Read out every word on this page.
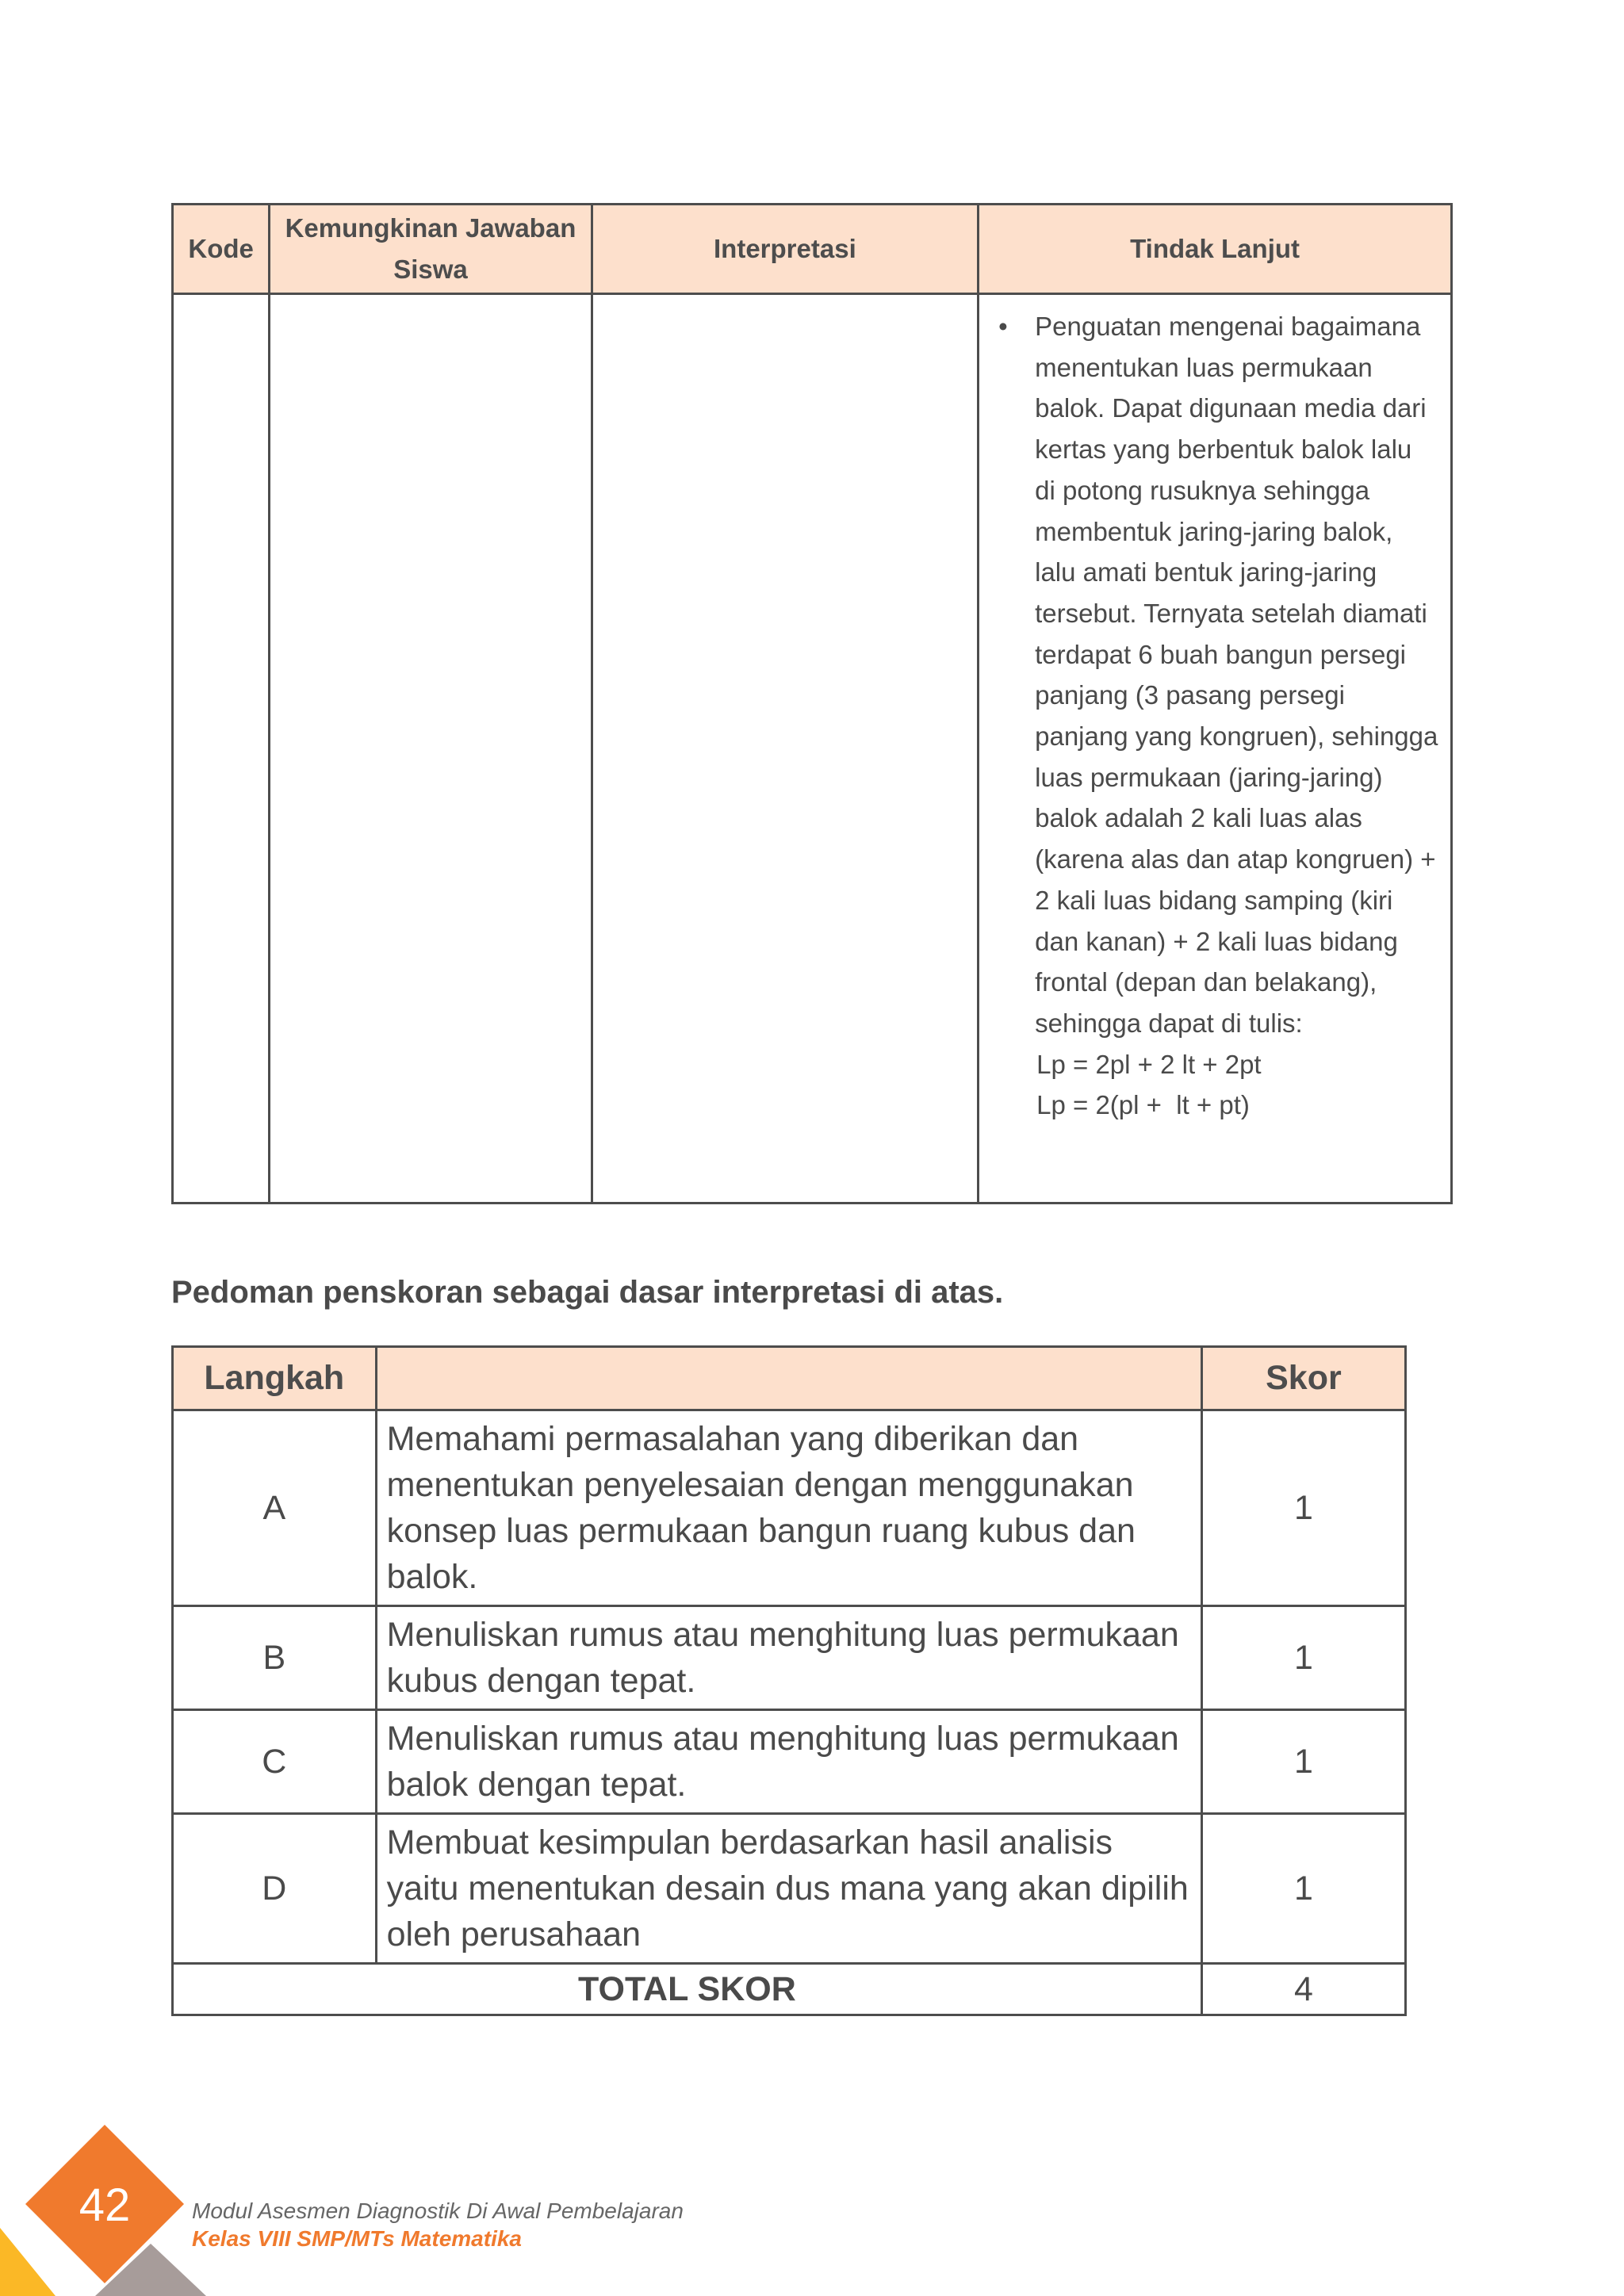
Kode	Kemungkinan Jawaban Siswa	Interpretasi	Tindak Lanjut

			• Penguatan mengenai bagaimana menentukan luas permukaan balok. Dapat digunaan media dari kertas yang berbentuk balok lalu di potong rusuknya sehingga membentuk jaring-jaring balok, lalu amati bentuk jaring-jaring tersebut. Ternyata setelah diamati terdapat 6 buah bangun persegi panjang (3 pasang persegi panjang yang kongruen), sehingga luas permukaan (jaring-jaring) balok adalah 2 kali luas alas (karena alas dan atap kongruen) + 2 kali luas bidang samping (kiri dan kanan) + 2 kali luas bidang frontal (depan dan belakang), sehingga dapat di tulis:
Lp = 2pl + 2 lt + 2pt
Lp = 2(pl +  lt + pt)
Pedoman penskoran sebagai dasar interpretasi di atas.
Langkah		Skor
A	Memahami permasalahan yang diberikan dan menentukan penyelesaian dengan menggunakan konsep luas permukaan bangun ruang kubus dan balok.	1
B	Menuliskan rumus atau menghitung luas permukaan kubus dengan tepat.	1
C	Menuliskan rumus atau menghitung luas permukaan balok dengan tepat.	1
D	Membuat kesimpulan berdasarkan hasil analisis yaitu menentukan desain dus mana yang akan dipilih oleh perusahaan	1
TOTAL SKOR		4
42	Modul Asesmen Diagnostik Di Awal Pembelajaran
Kelas VIII SMP/MTs Matematika
